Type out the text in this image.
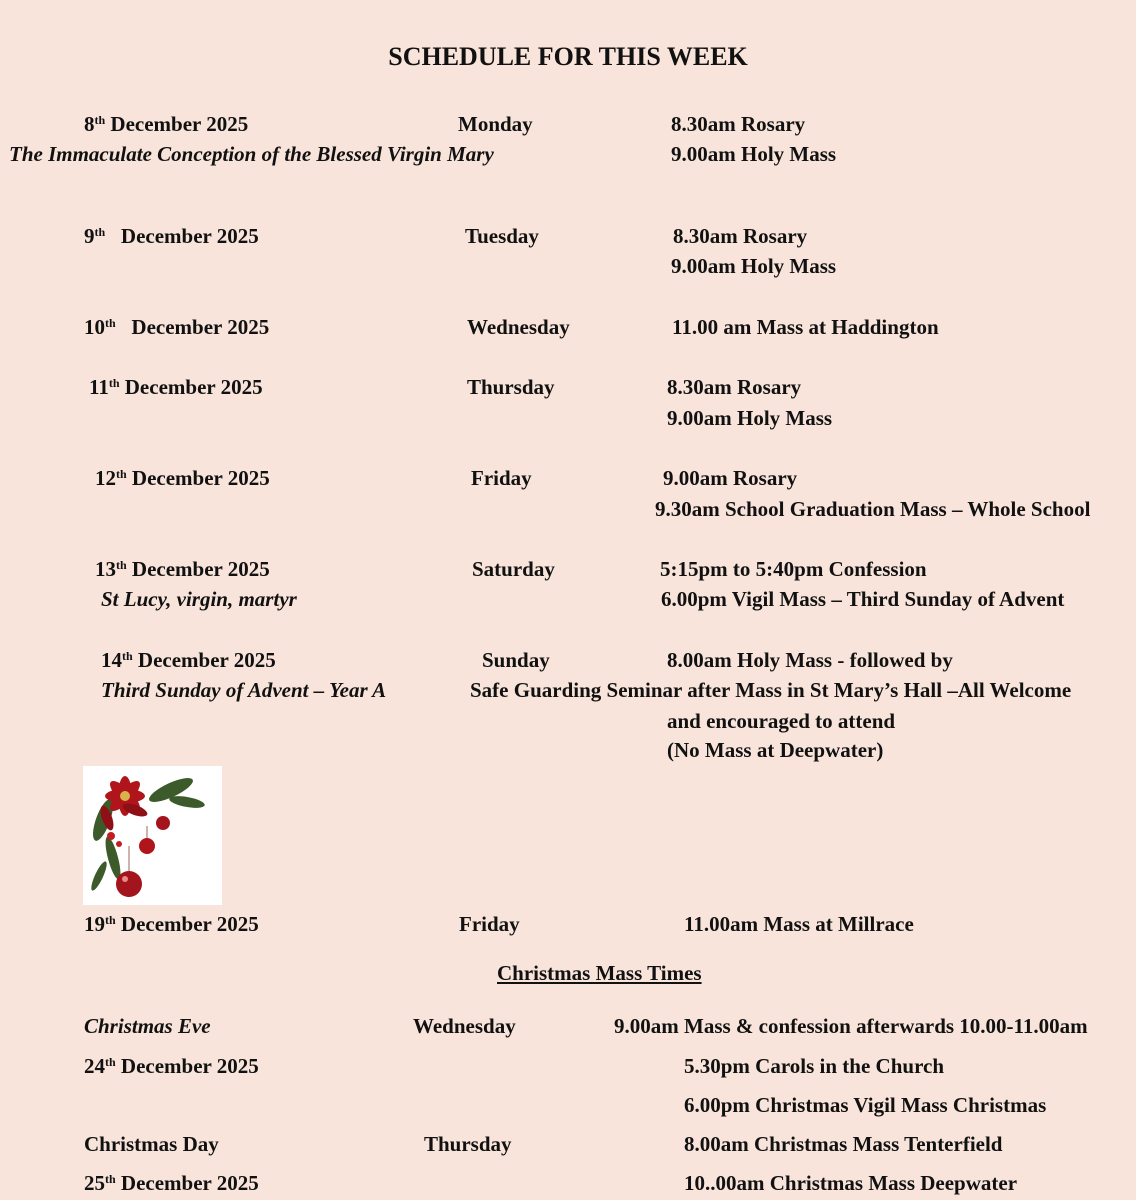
SCHEDULE FOR THIS WEEK
8th December 2025	Monday	8.30am Rosary
The Immaculate Conception of the Blessed Virgin Mary	9.00am Holy Mass
9th December 2025	Tuesday	8.30am Rosary
9.00am Holy Mass
10th December 2025	Wednesday	11.00 am Mass at Haddington
11th December 2025	Thursday	8.30am Rosary
9.00am Holy Mass
12th December 2025	Friday	9.00am Rosary
9.30am School Graduation Mass – Whole School
13th December 2025	Saturday	5:15pm to 5:40pm Confession
St Lucy, virgin, martyr	6.00pm Vigil Mass – Third Sunday of Advent
14th December 2025	Sunday	8.00am Holy Mass - followed by
Third Sunday of Advent – Year A	Safe Guarding Seminar after Mass in St Mary’s Hall –All Welcome
and encouraged to attend
(No Mass at Deepwater)
19th December 2025	Friday	11.00am Mass at Millrace
Christmas Mass Times
Christmas Eve	Wednesday	9.00am Mass & confession afterwards 10.00-11.00am
24th December 2025	5.30pm Carols in the Church
6.00pm Christmas Vigil Mass Christmas
Christmas Day	Thursday	8.00am Christmas Mass Tenterfield
25th December 2025	10..00am Christmas Mass Deepwater
